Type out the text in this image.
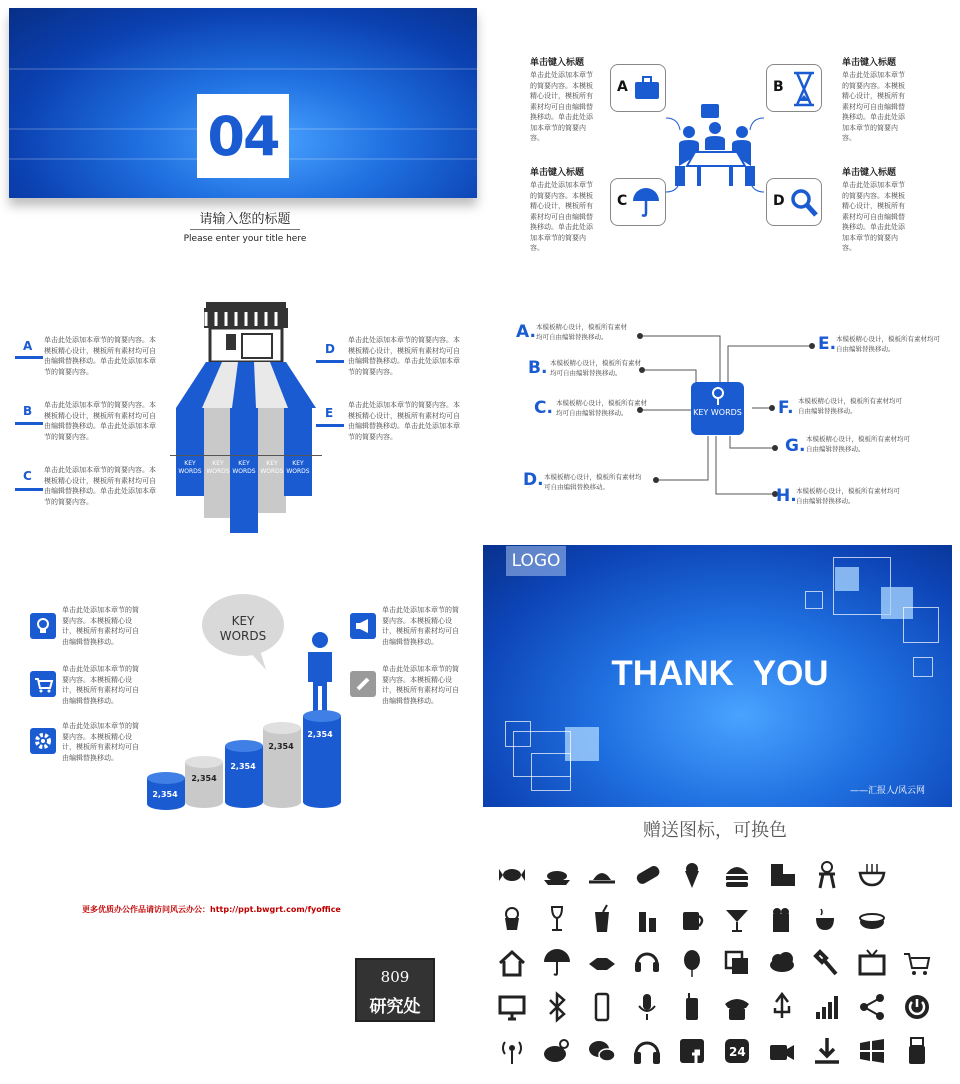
04
请输入您的标题
Please enter your title here
单击键入标题
单击此处添加本章节的简要内容。本模板精心设计，模板所有素材均可自由编辑替换移动。单击此处添加本章节的简要内容。
单击键入标题
单击此处添加本章节的简要内容。本模板精心设计，模板所有素材均可自由编辑替换移动。单击此处添加本章节的简要内容。
单击键入标题
单击此处添加本章节的简要内容。本模板精心设计，模板所有素材均可自由编辑替换移动。单击此处添加本章节的简要内容。
单击键入标题
单击此处添加本章节的简要内容。本模板精心设计，模板所有素材均可自由编辑替换移动。单击此处添加本章节的简要内容。
A	B
C	D
A 单击此处添加本章节的简要内容。本模板精心设计，模板所有素材均可自由编辑替换移动。单击此处添加本章节的简要内容。
B 单击此处添加本章节的简要内容。本模板精心设计，模板所有素材均可自由编辑替换移动。单击此处添加本章节的简要内容。
C 单击此处添加本章节的简要内容。本模板精心设计，模板所有素材均可自由编辑替换移动。单击此处添加本章节的简要内容。
D
单击此处添加本章节的简要内容。本模板精心设计，模板所有素材均可自由编辑替换移动。单击此处添加本章节的简要内容。
E
单击此处添加本章节的简要内容。本模板精心设计，模板所有素材均可自由编辑替换移动。单击此处添加本章节的简要内容。
KEY WORDS
KEY WORDS
KEY WORDS
KEY WORDS
KEY WORDS
KEY WORDS
A. 本模板精心设计，模板所有素材均可自由编辑替换移动。
B. 本模板精心设计，模板所有素材均可自由编辑替换移动。
C. 本模板精心设计，模板所有素材均可自由编辑替换移动。
D. 本模板精心设计，模板所有素材均可自由编辑替换移动。
E. 本模板精心设计，模板所有素材均可自由编辑替换移动。
F. 本模板精心设计，模板所有素材均可自由编辑替换移动。
G. 本模板精心设计，模板所有素材均可自由编辑替换移动。
H. 本模板精心设计，模板所有素材均可自由编辑替换移动。
单击此处添加本章节的简要内容。本模板精心设计，模板所有素材均可自由编辑替换移动。
单击此处添加本章节的简要内容。本模板精心设计，模板所有素材均可自由编辑替换移动。
单击此处添加本章节的简要内容。本模板精心设计，模板所有素材均可自由编辑替换移动。
单击此处添加本章节的简要内容。本模板精心设计，模板所有素材均可自由编辑替换移动。
单击此处添加本章节的简要内容。本模板精心设计，模板所有素材均可自由编辑替换移动。
KEY WORDS
2,354
2,354
2,354
2,354
2,354
LOGO
THANK  YOU
——汇报人/风云网
赠送图标，可换色
更多优质办公作品请访问风云办公：http://ppt.bwgrt.com/fyoffice
809
研究处
24
